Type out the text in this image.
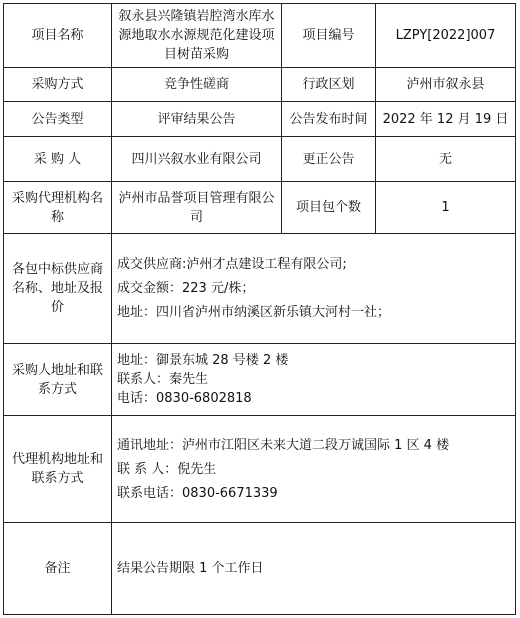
项目名称	叙永县兴隆镇岩腔湾水库水源地取水水源规范化建设项目树苗采购	项目编号	LZPY[2022]007
采购方式	竞争性磋商	行政区划	泸州市叙永县
公告类型	评审结果公告	公告发布时间	2022 年 12 月 19 日
采 购 人	四川兴叙水业有限公司	更正公告	无
采购代理机构名称	泸州市品誉项目管理有限公司	项目包个数	1
各包中标供应商名称、地址及报价	成交供应商:泸州才点建设工程有限公司;
成交金额：223 元/株；
地址：四川省泸州市纳溪区新乐镇大河村一社；		

采购人地址和联系方式	地址：御景东城 28 号楼 2 楼
联系人：秦先生
电话：0830-6802818		

代理机构地址和联系方式	通讯地址：泸州市江阳区未来大道二段万诚国际 1 区 4 楼
联 系 人：倪先生
联系电话：0830-6671339		

备注	结果公告期限 1 个工作日		
